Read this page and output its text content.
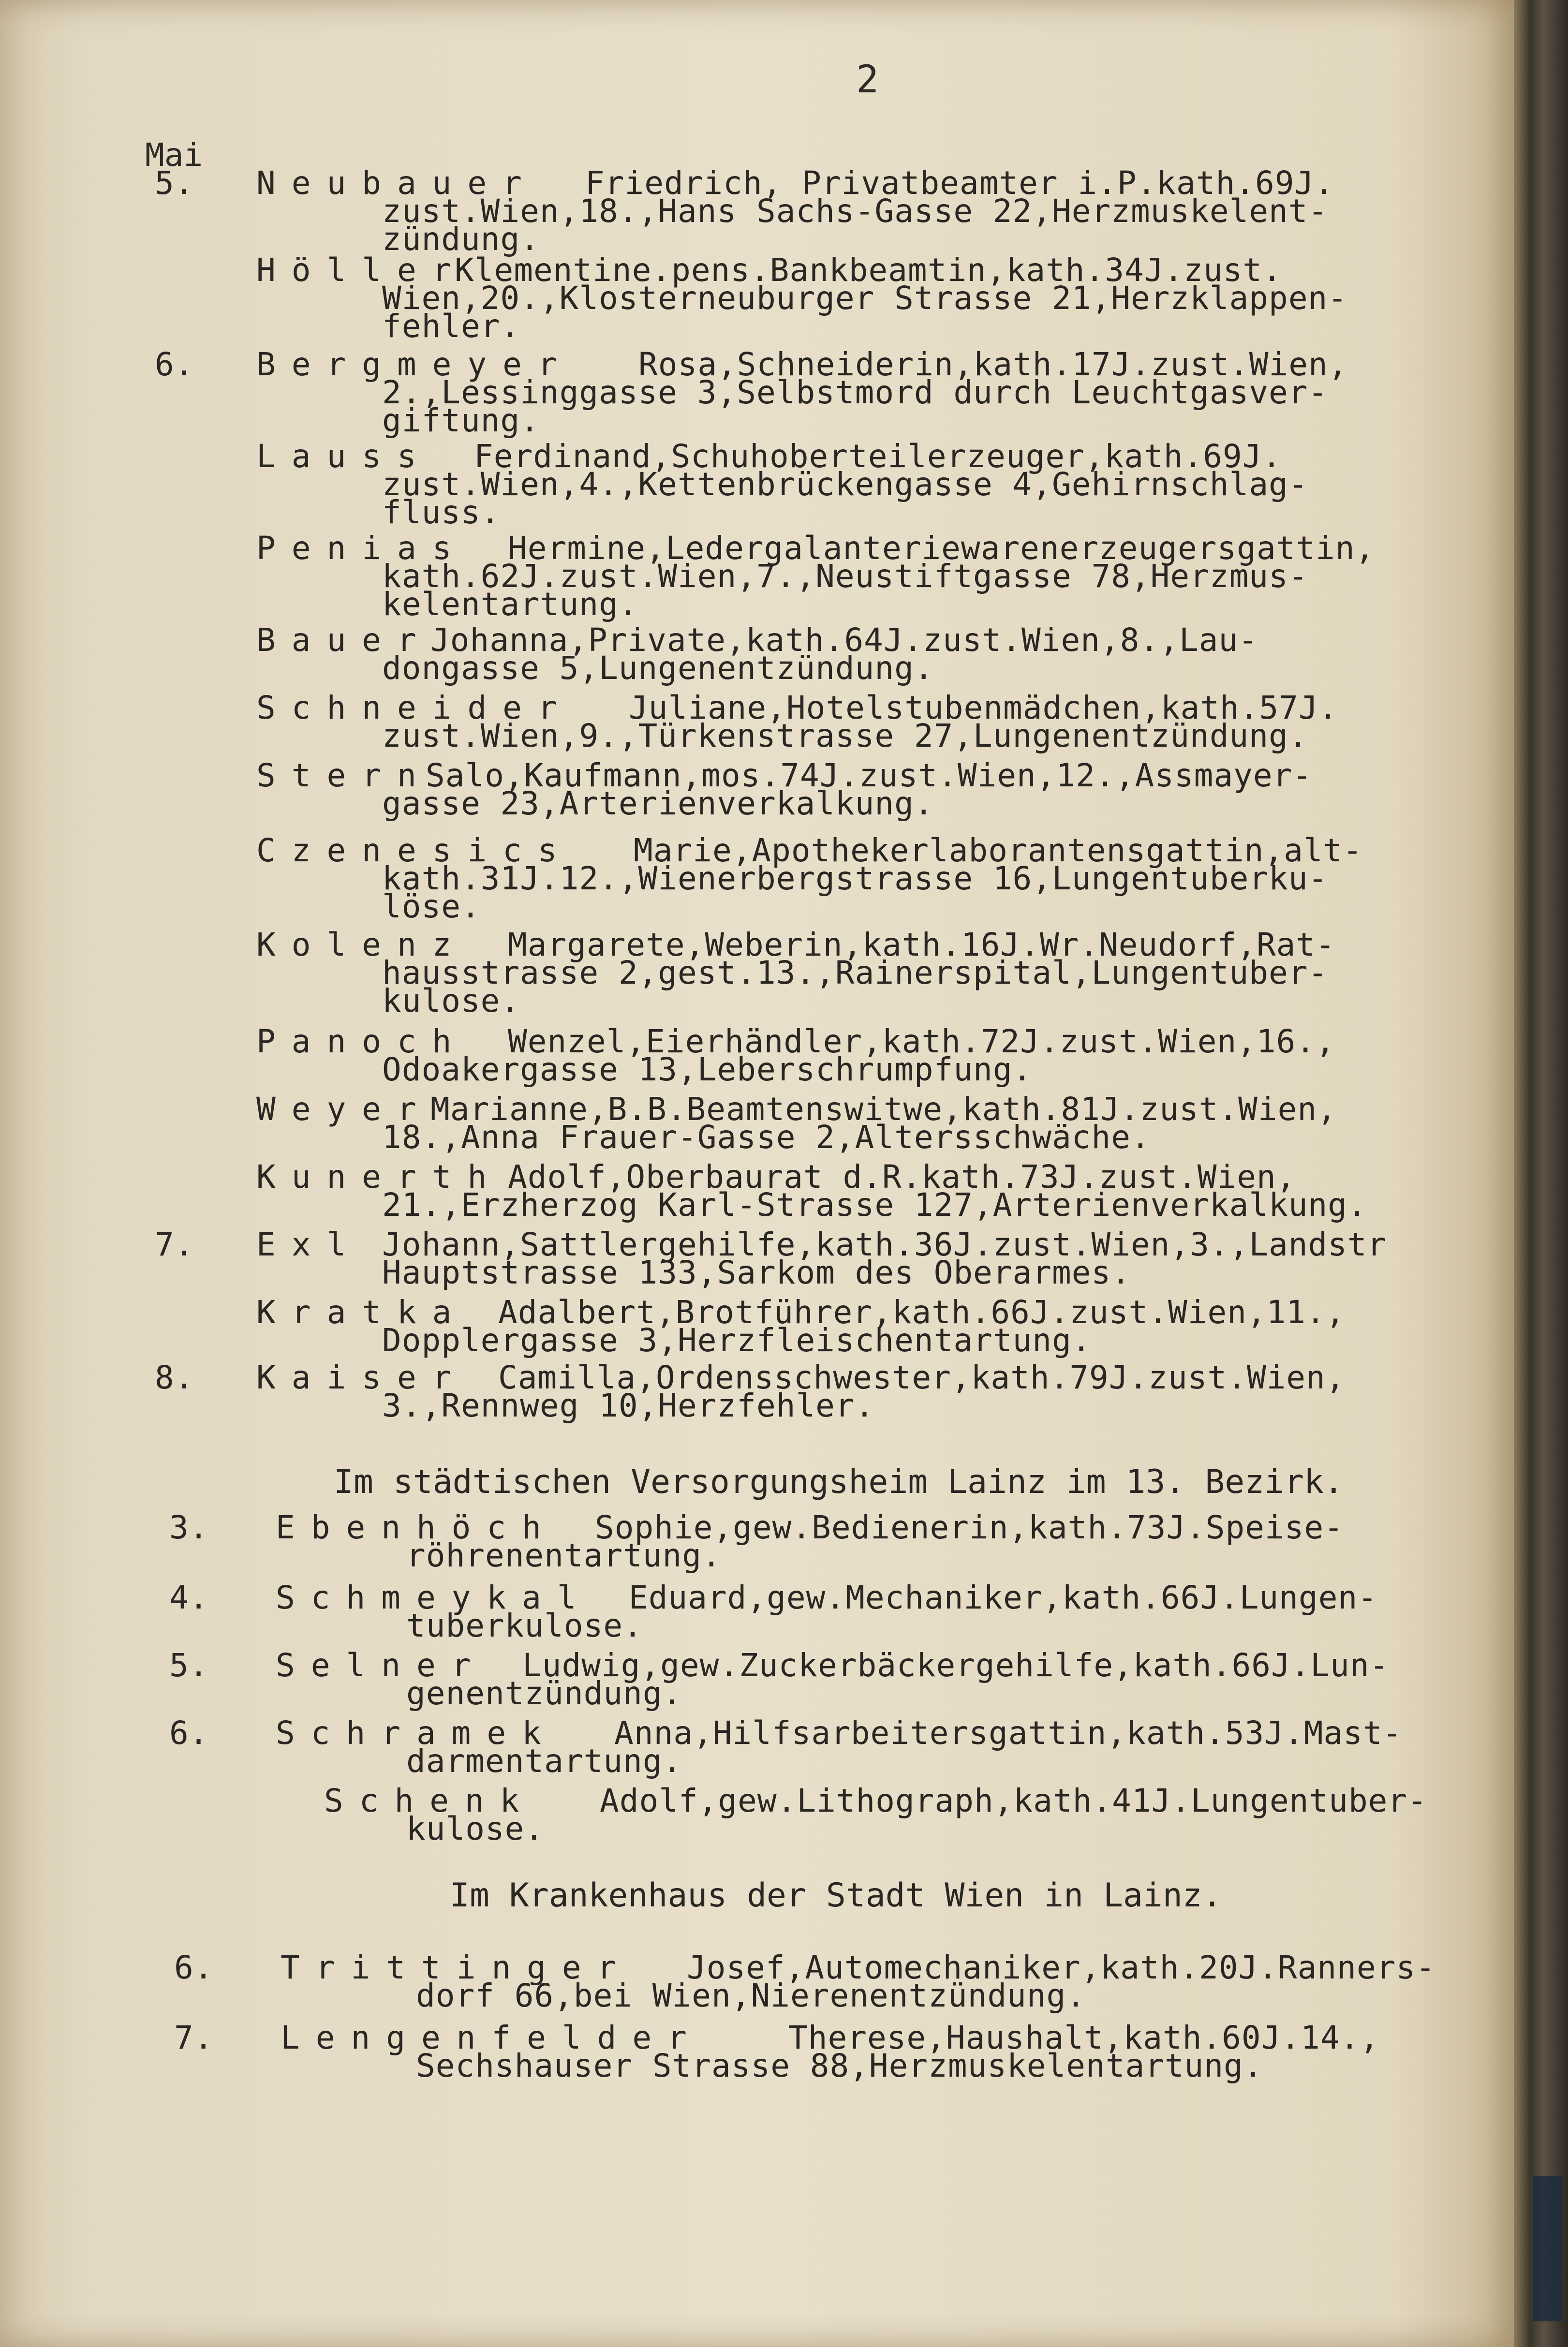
2
Mai
5. Neubauer Friedrich, Privatbeamter i.P.kath.69J.
zust.Wien,18.,Hans Sachs-Gasse 22,Herzmuskelent-
zündung.
Höller
Klementine.pens.Bankbeamtin,kath.34J.zust.
Wien,20.,Klosterneuburger Strasse 21,Herzklappen-
fehler.
6. Bergmeyer Rosa,Schneiderin,kath.17J.zust.Wien,
2.,Lessinggasse 3,Selbstmord durch Leuchtgasver-
giftung.
Lauss Ferdinand,Schuhoberteilerzeuger,kath.69J.
zust.Wien,4.,Kettenbrückengasse 4,Gehirnschlag-
fluss.
Penias Hermine,Ledergalanteriewarenerzeugersgattin,
kath.62J.zust.Wien,7.,Neustiftgasse 78,Herzmus-
kelentartung.
Bauer
Johanna,Private,kath.64J.zust.Wien,8.,Lau-
dongasse 5,Lungenentzündung.
Schneider Juliane,Hotelstubenmädchen,kath.57J.
zust.Wien,9.,Türkenstrasse 27,Lungenentzündung.
Stern
Salo,Kaufmann,mos.74J.zust.Wien,12.,Assmayer-
gasse 23,Arterienverkalkung.
Czenesics Marie,Apothekerlaborantensgattin,alt-
kath.31J.12.,Wienerbergstrasse 16,Lungentuberku-
löse.
Kolenz Margarete,Weberin,kath.16J.Wr.Neudorf,Rat-
hausstrasse 2,gest.13.,Rainerspital,Lungentuber-
kulose.
Panoch Wenzel,Eierhändler,kath.72J.zust.Wien,16.,
Odoakergasse 13,Leberschrumpfung.
Weyer
Marianne,B.B.Beamtenswitwe,kath.81J.zust.Wien,
18.,Anna Frauer-Gasse 2,Altersschwäche.
Kunerth Adolf,Oberbaurat d.R.kath.73J.zust.Wien,
21.,Erzherzog Karl-Strasse 127,Arterienverkalkung.
7. Exl Johann,Sattlergehilfe,kath.36J.zust.Wien,3.,Landstr
Hauptstrasse 133,Sarkom des Oberarmes.
Kratka Adalbert,Brotführer,kath.66J.zust.Wien,11.,
Dopplergasse 3,Herzfleischentartung.
8. Kaiser Camilla,Ordensschwester,kath.79J.zust.Wien,
3.,Rennweg 10,Herzfehler.
Im städtischen Versorgungsheim Lainz im 13. Bezirk.
3. Ebenhöch Sophie,gew.Bedienerin,kath.73J.Speise-
röhrenentartung.
4. Schmeykal Eduard,gew.Mechaniker,kath.66J.Lungen-
tuberkulose.
5. Selner Ludwig,gew.Zuckerbäckergehilfe,kath.66J.Lun-
genentzündung.
6. Schramek Anna,Hilfsarbeitersgattin,kath.53J.Mast-
darmentartung.
Schenk Adolf,gew.Lithograph,kath.41J.Lungentuber-
kulose.
Im Krankenhaus der Stadt Wien in Lainz.
6. Trittinger Josef,Automechaniker,kath.20J.Ranners-
dorf 66,bei Wien,Nierenentzündung.
7. Lengenfelder	Therese,Haushalt,kath.60J.14.,
Sechshauser Strasse 88,Herzmuskelentartung.
